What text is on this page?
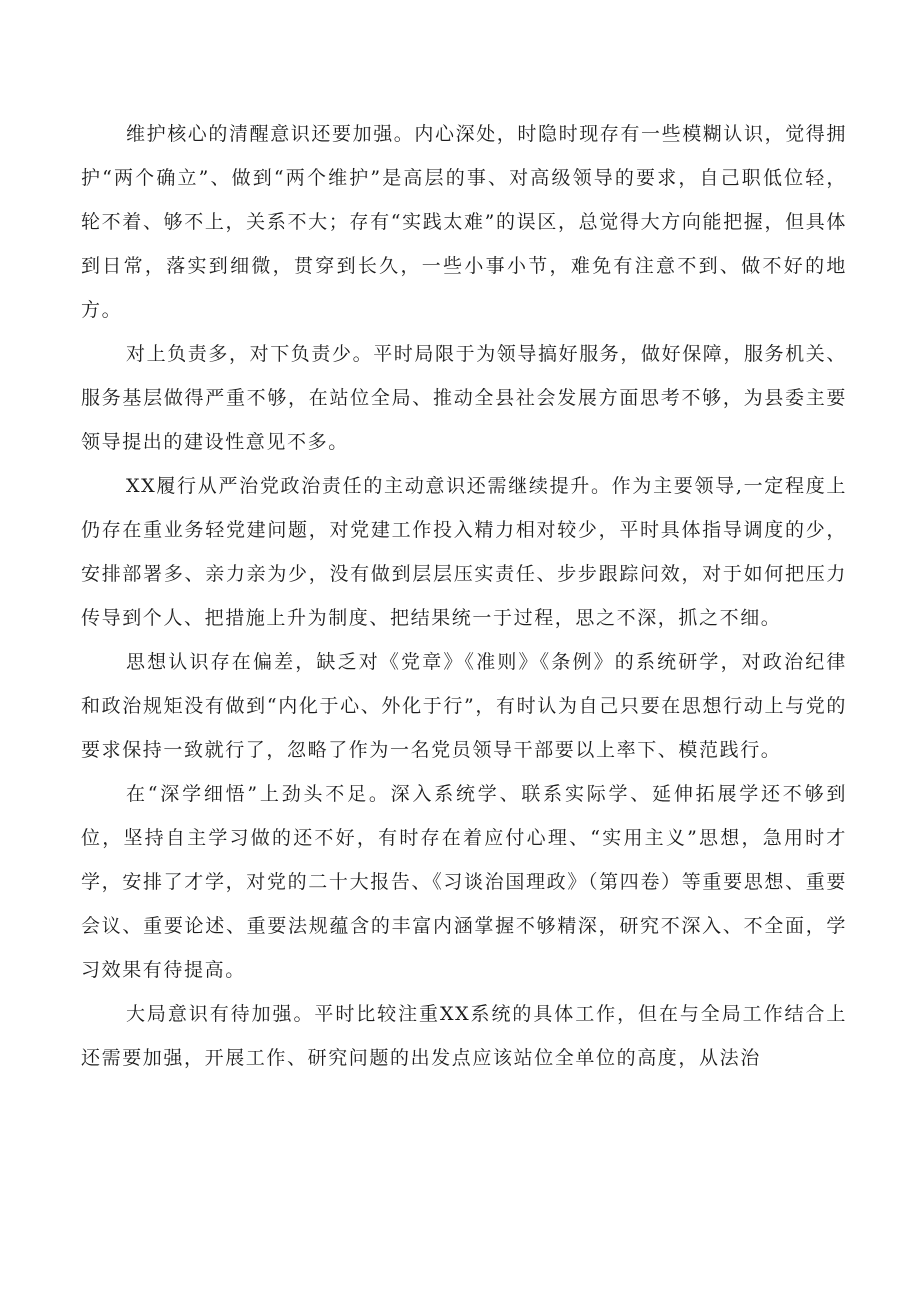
维护核心的清醒意识还要加强。内心深处，时隐时现存有一些模糊认识，觉得拥护“两个确立”、做到“两个维护”是高层的事、对高级领导的要求，自己职低位轻，轮不着、够不上，关系不大；存有“实践太难”的误区，总觉得大方向能把握，但具体到日常，落实到细微，贯穿到长久，一些小事小节，难免有注意不到、做不好的地方。

对上负责多，对下负责少。平时局限于为领导搞好服务，做好保障，服务机关、服务基层做得严重不够，在站位全局、推动全县社会发展方面思考不够，为县委主要领导提出的建设性意见不多。

XX履行从严治党政治责任的主动意识还需继续提升。作为主要领导,一定程度上仍存在重业务轻党建问题，对党建工作投入精力相对较少，平时具体指导调度的少，安排部署多、亲力亲为少，没有做到层层压实责任、步步跟踪问效，对于如何把压力传导到个人、把措施上升为制度、把结果统一于过程，思之不深，抓之不细。

思想认识存在偏差，缺乏对《党章》《准则》《条例》的系统研学，对政治纪律和政治规矩没有做到“内化于心、外化于行”，有时认为自己只要在思想行动上与党的要求保持一致就行了，忽略了作为一名党员领导干部要以上率下、模范践行。

在“深学细悟”上劲头不足。深入系统学、联系实际学、延伸拓展学还不够到位，坚持自主学习做的还不好，有时存在着应付心理、“实用主义”思想，急用时才学，安排了才学，对党的二十大报告、《习谈治国理政》（第四卷）等重要思想、重要会议、重要论述、重要法规蕴含的丰富内涵掌握不够精深，研究不深入、不全面，学习效果有待提高。

大局意识有待加强。平时比较注重XX系统的具体工作，但在与全局工作结合上还需要加强，开展工作、研究问题的出发点应该站位全单位的高度，从法治
